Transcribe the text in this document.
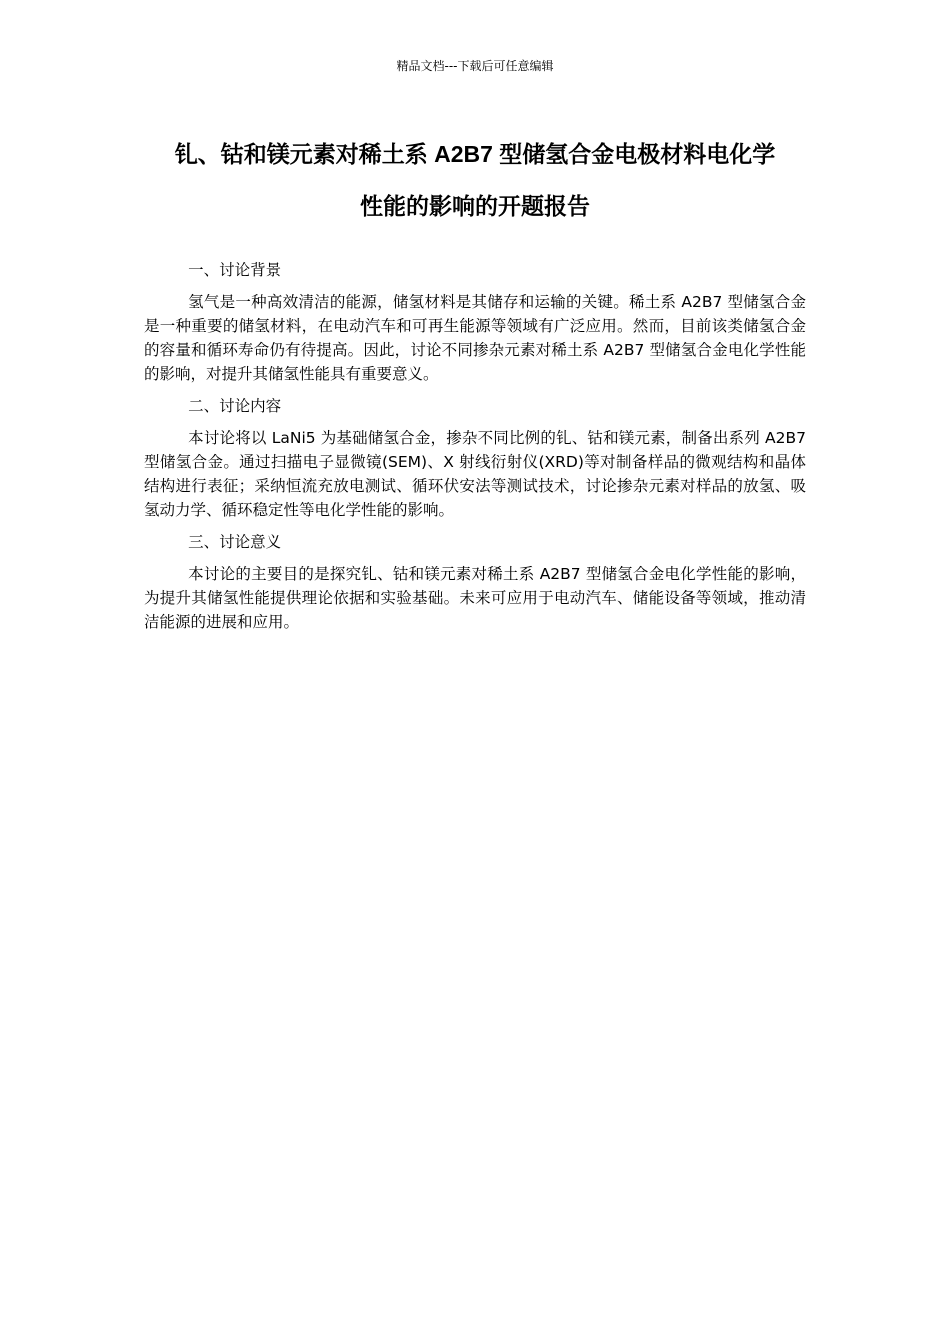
精品文档---下载后可任意编辑
钆、钴和镁元素对稀土系 A2B7 型储氢合金电极材料电化学
性能的影响的开题报告

一、讨论背景

氢气是一种高效清洁的能源，储氢材料是其储存和运输的关键。稀土系 A2B7 型储氢合金是一种重要的储氢材料，在电动汽车和可再生能源等领域有广泛应用。然而，目前该类储氢合金的容量和循环寿命仍有待提高。因此，讨论不同掺杂元素对稀土系 A2B7 型储氢合金电化学性能的影响，对提升其储氢性能具有重要意义。

二、讨论内容

本讨论将以 LaNi5 为基础储氢合金，掺杂不同比例的钆、钴和镁元素，制备出系列 A2B7 型储氢合金。通过扫描电子显微镜(SEM)、X 射线衍射仪(XRD)等对制备样品的微观结构和晶体结构进行表征；采纳恒流充放电测试、循环伏安法等测试技术，讨论掺杂元素对样品的放氢、吸氢动力学、循环稳定性等电化学性能的影响。

三、讨论意义

本讨论的主要目的是探究钆、钴和镁元素对稀土系 A2B7 型储氢合金电化学性能的影响，为提升其储氢性能提供理论依据和实验基础。未来可应用于电动汽车、储能设备等领域，推动清洁能源的进展和应用。
